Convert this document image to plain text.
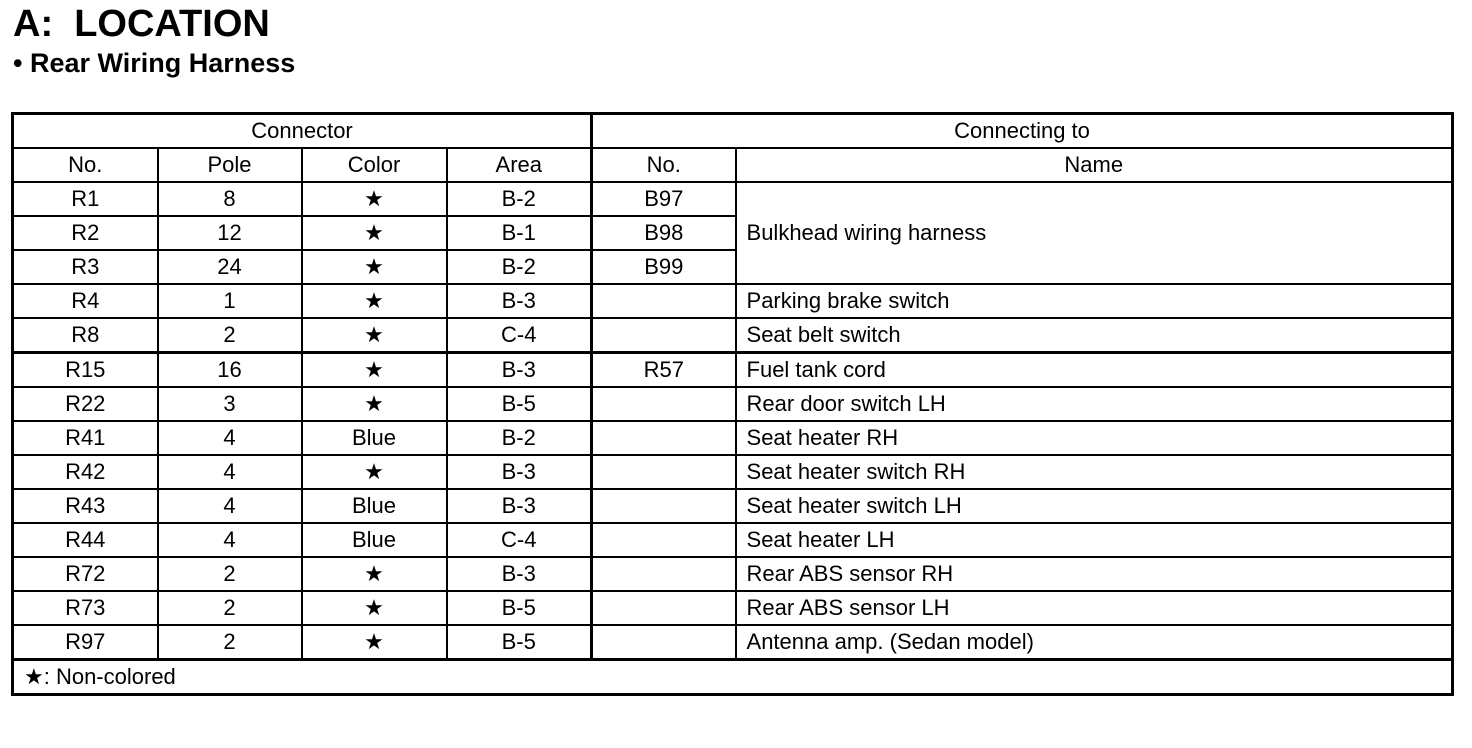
A:  LOCATION
• Rear Wiring Harness
Connector				Connecting to	
No.	Pole	Color	Area	No.	Name
R1	8	★	B-2	B97	Bulkhead wiring harness
R2	12	★	B-1	B98	
R3	24	★	B-2	B99	
R4	1	★	B-3		Parking brake switch
R8	2	★	C-4		Seat belt switch
R15	16	★	B-3	R57	Fuel tank cord
R22	3	★	B-5		Rear door switch LH
R41	4	Blue	B-2		Seat heater RH
R42	4	★	B-3		Seat heater switch RH
R43	4	Blue	B-3		Seat heater switch LH
R44	4	Blue	C-4		Seat heater LH
R72	2	★	B-3		Rear ABS sensor RH
R73	2	★	B-5		Rear ABS sensor LH
R97	2	★	B-5		Antenna amp. (Sedan model)
★: Non-colored					
